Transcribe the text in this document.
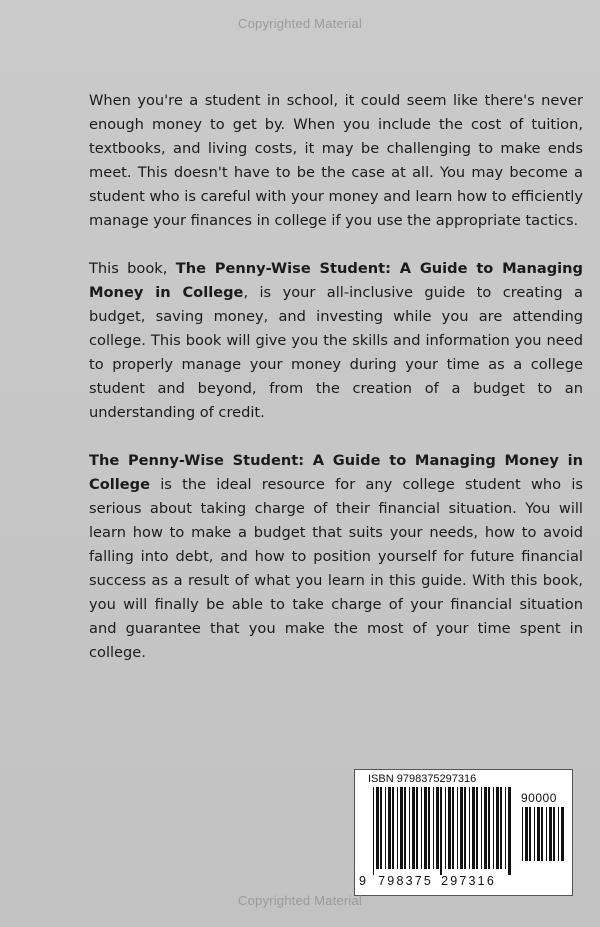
Copyrighted Material

When you're a student in school, it could seem like there's never enough money to get by. When you include the cost of tuition, textbooks, and living costs, it may be challenging to make ends meet. This doesn't have to be the case at all. You may become a student who is careful with your money and learn how to efficiently manage your finances in college if you use the appropriate tactics.

This book, The Penny-Wise Student: A Guide to Managing Money in College, is your all-inclusive guide to creating a budget, saving money, and investing while you are attending college. This book will give you the skills and information you need to properly manage your money during your time as a college student and beyond, from the creation of a budget to an understanding of credit.

The Penny-Wise Student: A Guide to Managing Money in College is the ideal resource for any college student who is serious about taking charge of their financial situation. You will learn how to make a budget that suits your needs, how to avoid falling into debt, and how to position yourself for future financial success as a result of what you learn in this guide. With this book, you will finally be able to take charge of your financial situation and guarantee that you make the most of your time spent in college.

ISBN 9798375297316
90000
9 798375 297316
Copyrighted Material
